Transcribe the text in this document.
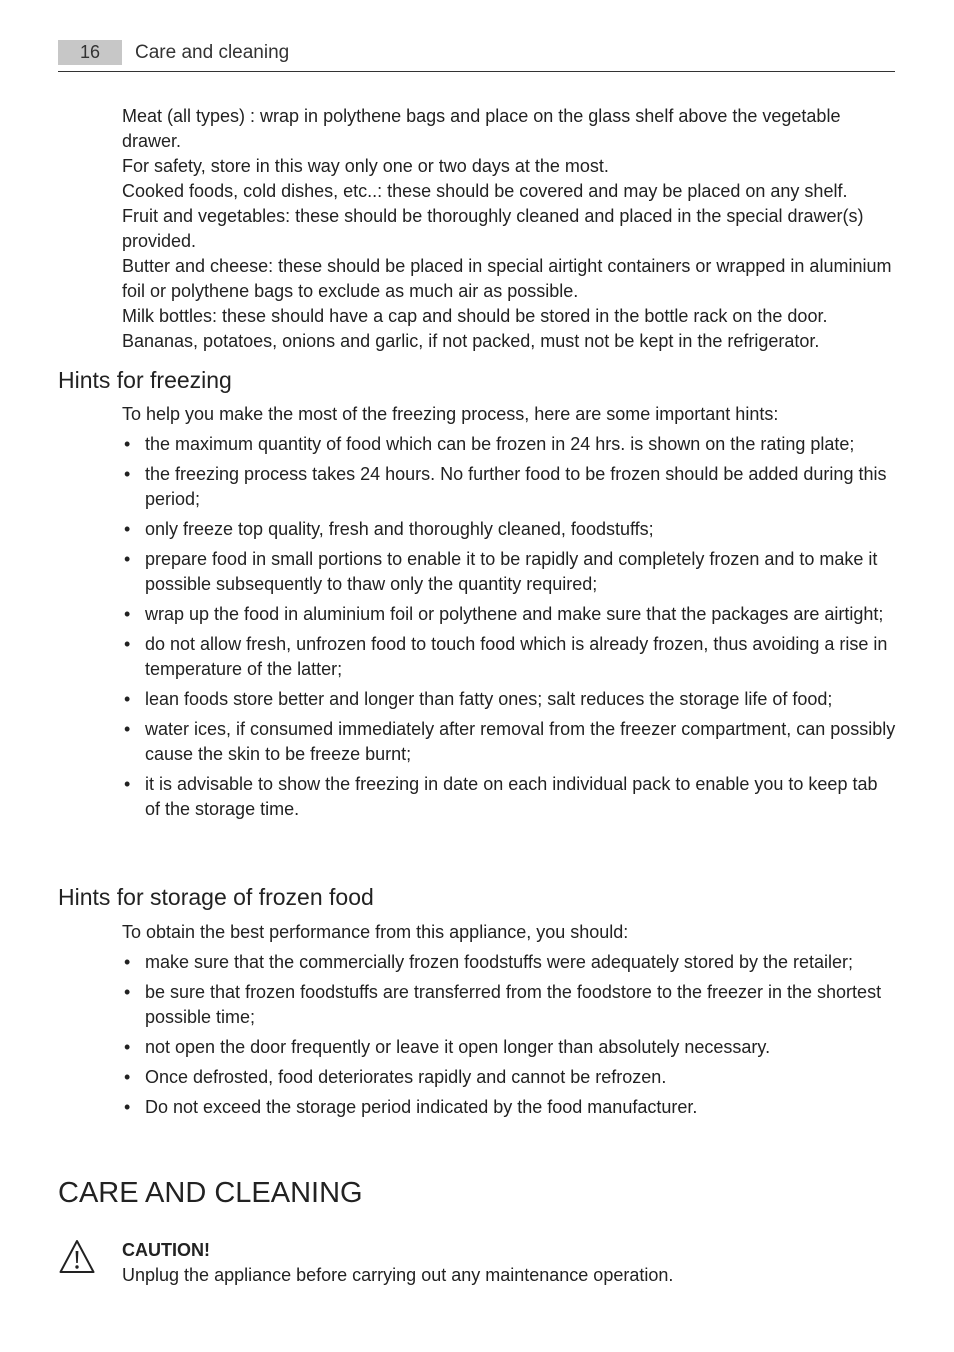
16	Care and cleaning

Meat (all types) : wrap in polythene bags and place on the glass shelf above the vegetable drawer.

For safety, store in this way only one or two days at the most.

Cooked foods, cold dishes, etc..: these should be covered and may be placed on any shelf.

Fruit and vegetables: these should be thoroughly cleaned and placed in the special drawer(s) provided.

Butter and cheese: these should be placed in special airtight containers or wrapped in aluminium foil or polythene bags to exclude as much air as possible.

Milk bottles: these should have a cap and should be stored in the bottle rack on the door.

Bananas, potatoes, onions and garlic, if not packed, must not be kept in the refrigerator.

Hints for freezing
To help you make the most of the freezing process, here are some important hints:
• the maximum quantity of food which can be frozen in 24 hrs. is shown on the rating plate;
• the freezing process takes 24 hours. No further food to be frozen should be added during this period;
• only freeze top quality, fresh and thoroughly cleaned, foodstuffs;
• prepare food in small portions to enable it to be rapidly and completely frozen and to make it possible subsequently to thaw only the quantity required;
• wrap up the food in aluminium foil or polythene and make sure that the packages are airtight;
• do not allow fresh, unfrozen food to touch food which is already frozen, thus avoiding a rise in temperature of the latter;
• lean foods store better and longer than fatty ones; salt reduces the storage life of food;
• water ices, if consumed immediately after removal from the freezer compartment, can possibly cause the skin to be freeze burnt;
• it is advisable to show the freezing in date on each individual pack to enable you to keep tab of the storage time.
Hints for storage of frozen food
To obtain the best performance from this appliance, you should:
• make sure that the commercially frozen foodstuffs were adequately stored by the retailer;
• be sure that frozen foodstuffs are transferred from the foodstore to the freezer in the shortest possible time;
• not open the door frequently or leave it open longer than absolutely necessary.
• Once defrosted, food deteriorates rapidly and cannot be refrozen.
• Do not exceed the storage period indicated by the food manufacturer.
CARE AND CLEANING
CAUTION!
Unplug the appliance before carrying out any maintenance operation.
